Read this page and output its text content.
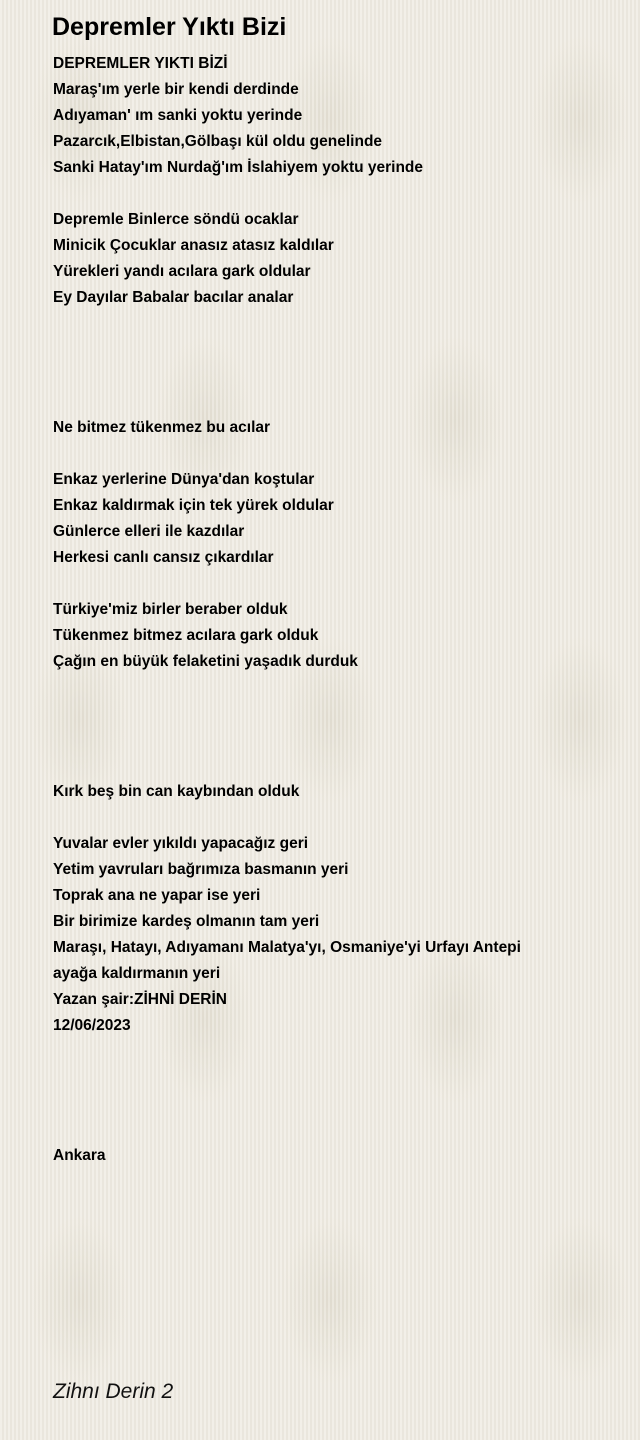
Depremler Yıktı Bizi
DEPREMLER YIKTI BİZİ
Maraş'ım yerle bir kendi derdinde
Adıyaman' ım sanki yoktu yerinde
Pazarcık,Elbistan,Gölbaşı kül oldu genelinde
Sanki Hatay'ım Nurdağ'ım İslahiyem yoktu yerinde
Depremle Binlerce söndü ocaklar
Minicik Çocuklar anasız atasız kaldılar
Yürekleri yandı acılara gark oldular
Ey Dayılar Babalar bacılar analar
Ne bitmez tükenmez bu acılar
Enkaz yerlerine Dünya'dan koştular
Enkaz kaldırmak için tek yürek oldular
Günlerce elleri ile kazdılar
Herkesi canlı cansız çıkardılar
Türkiye'miz birler beraber olduk
Tükenmez bitmez acılara gark olduk
Çağın en büyük felaketini yaşadık durduk
Kırk beş bin can kaybından olduk
Yuvalar evler yıkıldı yapacağız geri
Yetim yavruları bağrımıza basmanın yeri
Toprak ana ne yapar ise yeri
Bir birimize kardeş olmanın tam yeri
Maraşı, Hatayı, Adıyamanı Malatya'yı, Osmaniye'yi Urfayı Antepi
ayağa kaldırmanın yeri
Yazan şair:ZİHNİ DERİN
12/06/2023
Ankara
Zihnı Derin 2
